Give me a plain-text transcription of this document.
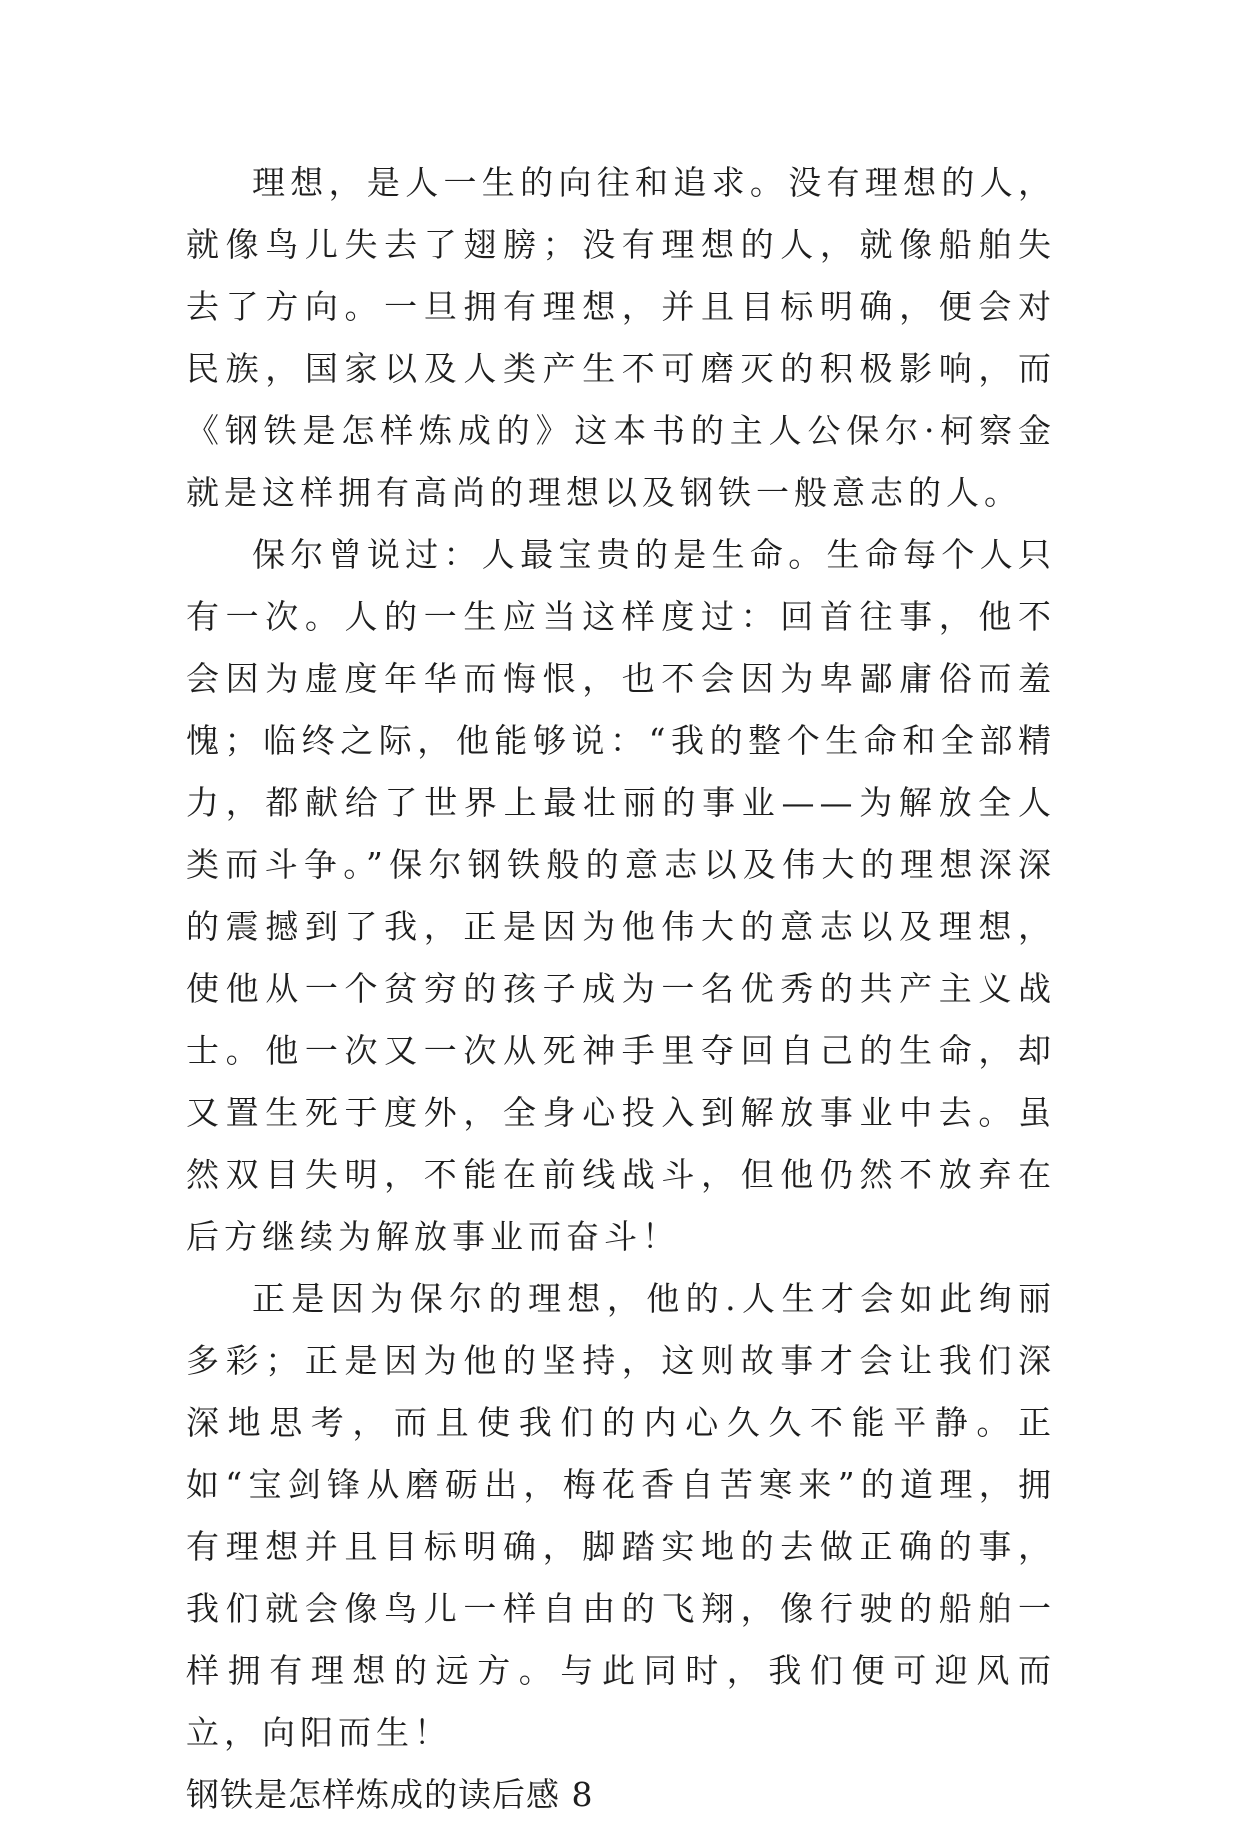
理想，是人一生的向往和追求。没有理想的人，就像鸟儿失去了翅膀；没有理想的人，就像船舶失去了方向。一旦拥有理想，并且目标明确，便会对民族，国家以及人类产生不可磨灭的积极影响，而《钢铁是怎样炼成的》这本书的主人公保尔·柯察金就是这样拥有高尚的理想以及钢铁一般意志的人。

保尔曾说过：人最宝贵的是生命。生命每个人只有一次。人的一生应当这样度过：回首往事，他不会因为虚度年华而悔恨，也不会因为卑鄙庸俗而羞愧；临终之际，他能够说：“我的整个生命和全部精力，都献给了世界上最壮丽的事业——为解放全人类而斗争。”保尔钢铁般的意志以及伟大的理想深深的震撼到了我，正是因为他伟大的意志以及理想，使他从一个贫穷的孩子成为一名优秀的共产主义战士。他一次又一次从死神手里夺回自己的生命，却又置生死于度外，全身心投入到解放事业中去。虽然双目失明，不能在前线战斗，但他仍然不放弃在后方继续为解放事业而奋斗！

正是因为保尔的理想，他的.人生才会如此绚丽多彩；正是因为他的坚持，这则故事才会让我们深深地思考，而且使我们的内心久久不能平静。正如“宝剑锋从磨砺出，梅花香自苦寒来”的道理，拥有理想并且目标明确，脚踏实地的去做正确的事，我们就会像鸟儿一样自由的飞翔，像行驶的船舶一样拥有理想的远方。与此同时，我们便可迎风而立，向阳而生！

钢铁是怎样炼成的读后感 8
